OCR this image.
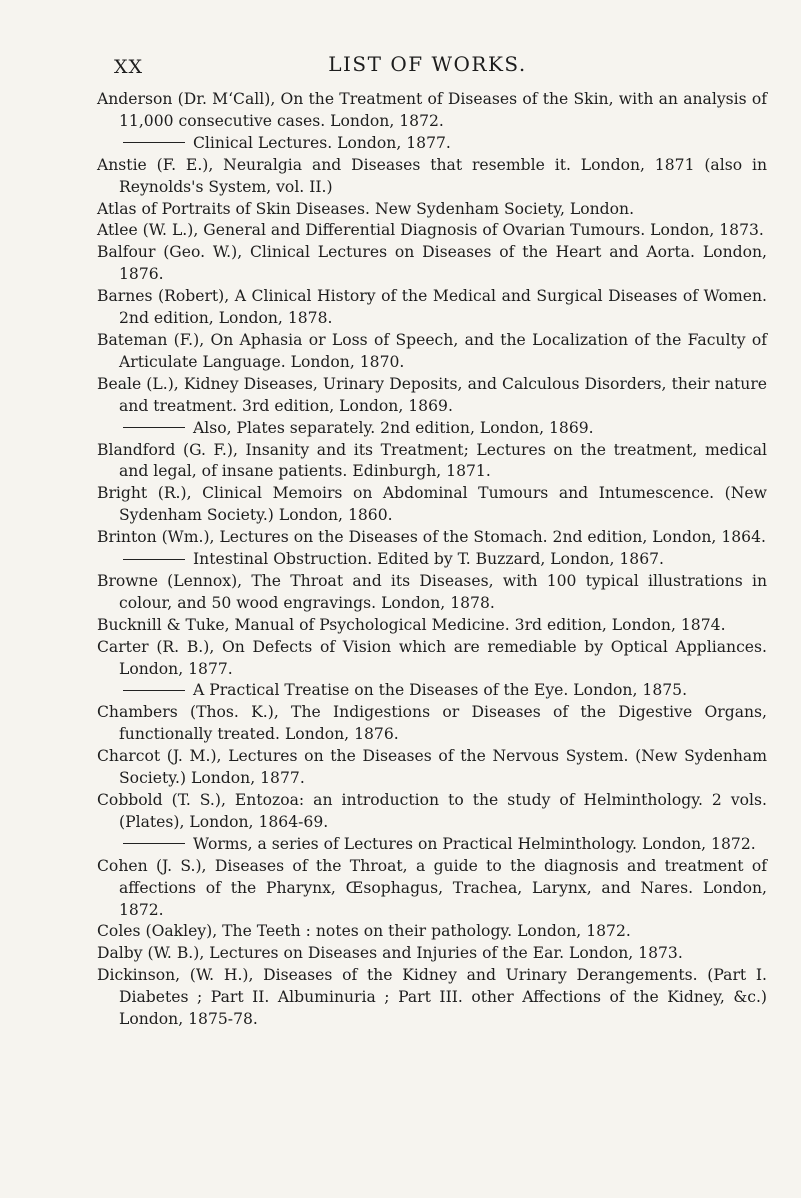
XX	LIST OF WORKS.
Anderson (Dr. M‘Call), On the Treatment of Diseases of the Skin, with an analysis of 11,000 consecutive cases. London, 1872.
Clinical Lectures. London, 1877.
Anstie (F. E.), Neuralgia and Diseases that resemble it. London, 1871 (also in Reynolds's System, vol. II.)
Atlas of Portraits of Skin Diseases. New Sydenham Society, London.
Atlee (W. L.), General and Differential Diagnosis of Ovarian Tumours. London, 1873.
Balfour (Geo. W.), Clinical Lectures on Diseases of the Heart and Aorta. London, 1876.
Barnes (Robert), A Clinical History of the Medical and Surgical Diseases of Women. 2nd edition, London, 1878.
Bateman (F.), On Aphasia or Loss of Speech, and the Localization of the Faculty of Articulate Language. London, 1870.
Beale (L.), Kidney Diseases, Urinary Deposits, and Calculous Disorders, their nature and treatment. 3rd edition, London, 1869.
Also, Plates separately. 2nd edition, London, 1869.
Blandford (G. F.), Insanity and its Treatment; Lectures on the treatment, medical and legal, of insane patients. Edinburgh, 1871.
Bright (R.), Clinical Memoirs on Abdominal Tumours and Intumescence. (New Sydenham Society.) London, 1860.
Brinton (Wm.), Lectures on the Diseases of the Stomach. 2nd edition, London, 1864.
Intestinal Obstruction. Edited by T. Buzzard, London, 1867.
Browne (Lennox), The Throat and its Diseases, with 100 typical illustrations in colour, and 50 wood engravings. London, 1878.
Bucknill & Tuke, Manual of Psychological Medicine. 3rd edition, London, 1874.
Carter (R. B.), On Defects of Vision which are remediable by Optical Appliances. London, 1877.
A Practical Treatise on the Diseases of the Eye. London, 1875.
Chambers (Thos. K.), The Indigestions or Diseases of the Digestive Organs, functionally treated. London, 1876.
Charcot (J. M.), Lectures on the Diseases of the Nervous System. (New Sydenham Society.) London, 1877.
Cobbold (T. S.), Entozoa: an introduction to the study of Helminthology. 2 vols. (Plates), London, 1864-69.
Worms, a series of Lectures on Practical Helminthology. London, 1872.
Cohen (J. S.), Diseases of the Throat, a guide to the diagnosis and treatment of affections of the Pharynx, Œsophagus, Trachea, Larynx, and Nares. London, 1872.
Coles (Oakley), The Teeth : notes on their pathology. London, 1872.
Dalby (W. B.), Lectures on Diseases and Injuries of the Ear. London, 1873.
Dickinson, (W. H.), Diseases of the Kidney and Urinary Derangements. (Part I. Diabetes ; Part II. Albuminuria ; Part III. other Affections of the Kidney, &c.) London, 1875-78.
